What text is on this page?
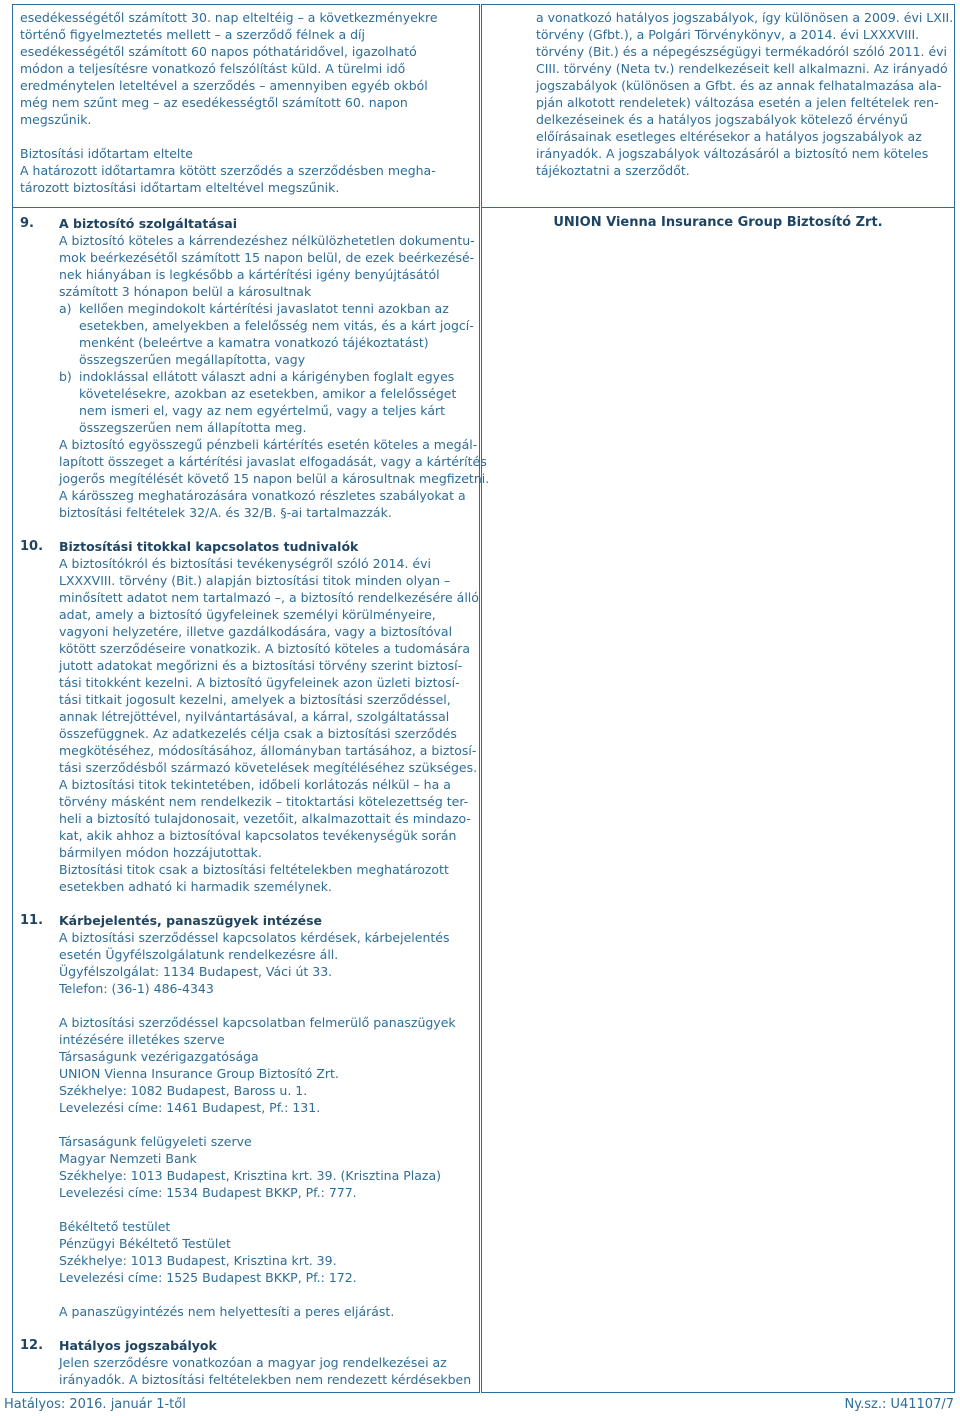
esedékességétől számított 30. nap elteltéig – a következményekre
történő figyelmeztetés mellett – a szerződő félnek a díj
esedékességétől számított 60 napos póthatáridővel, igazolható
módon a teljesítésre vonatkozó felszólítást küld. A türelmi idő
eredménytelen leteltével a szerződés – amennyiben egyéb okból
még nem szűnt meg – az esedékességtől számított 60. napon
megszűnik.
Biztosítási időtartam eltelte
A határozott időtartamra kötött szerződés a szerződésben megha-
tározott biztosítási időtartam elteltével megszűnik.
a vonatkozó hatályos jogszabályok, így különösen a 2009. évi LXII.
törvény (Gfbt.), a Polgári Törvénykönyv, a 2014. évi LXXXVIII.
törvény (Bit.) és a népegészségügyi termékadóról szóló 2011. évi
CIII. törvény (Neta tv.) rendelkezéseit kell alkalmazni. Az irányadó
jogszabályok (különösen a Gfbt. és az annak felhatalmazása ala-
pján alkotott rendeletek) változása esetén a jelen feltételek ren-
delkezéseinek és a hatályos jogszabályok kötelező érvényű
előírásainak esetleges eltérésekor a hatályos jogszabályok az
irányadók. A jogszabályok változásáról a biztosító nem köteles
tájékoztatni a szerződőt.
UNION Vienna Insurance Group Biztosító Zrt.
9. A biztosító szolgáltatásai
A biztosító köteles a kárrendezéshez nélkülözhetetlen dokumentu-
mok beérkezésétől számított 15 napon belül, de ezek beérkezésé-
nek hiányában is legkésőbb a kártérítési igény benyújtásától
számított 3 hónapon belül a károsultnak
a) kellően megindokolt kártérítési javaslatot tenni azokban az
esetekben, amelyekben a felelősség nem vitás, és a kárt jogcí-
menként (beleértve a kamatra vonatkozó tájékoztatást)
összegszerűen megállapította, vagy
b) indoklással ellátott választ adni a kárigényben foglalt egyes
követelésekre, azokban az esetekben, amikor a felelősséget
nem ismeri el, vagy az nem egyértelmű, vagy a teljes kárt
összegszerűen nem állapította meg.
A biztosító egyösszegű pénzbeli kártérítés esetén köteles a megál-
lapított összeget a kártérítési javaslat elfogadását, vagy a kártérítés
jogerős megítélését követő 15 napon belül a károsultnak megfizetni.
A kárösszeg meghatározására vonatkozó részletes szabályokat a
biztosítási feltételek 32/A. és 32/B. §-ai tartalmazzák.
10. Biztosítási titokkal kapcsolatos tudnivalók
A biztosítókról és biztosítási tevékenységről szóló 2014. évi
LXXXVIII. törvény (Bit.) alapján biztosítási titok minden olyan –
minősített adatot nem tartalmazó –, a biztosító rendelkezésére álló
adat, amely a biztosító ügyfeleinek személyi körülményeire,
vagyoni helyzetére, illetve gazdálkodására, vagy a biztosítóval
kötött szerződéseire vonatkozik. A biztosító köteles a tudomására
jutott adatokat megőrizni és a biztosítási törvény szerint biztosí-
tási titokként kezelni. A biztosító ügyfeleinek azon üzleti biztosí-
tási titkait jogosult kezelni, amelyek a biztosítási szerződéssel,
annak létrejöttével, nyilvántartásával, a kárral, szolgáltatással
összefüggnek. Az adatkezelés célja csak a biztosítási szerződés
megkötéséhez, módosításához, állományban tartásához, a biztosí-
tási szerződésből származó követelések megítéléséhez szükséges.
A biztosítási titok tekintetében, időbeli korlátozás nélkül – ha a
törvény másként nem rendelkezik – titoktartási kötelezettség ter-
heli a biztosító tulajdonosait, vezetőit, alkalmazottait és mindazo-
kat, akik ahhoz a biztosítóval kapcsolatos tevékenységük során
bármilyen módon hozzájutottak.
Biztosítási titok csak a biztosítási feltételekben meghatározott
esetekben adható ki harmadik személynek.
11. Kárbejelentés, panaszügyek intézése
A biztosítási szerződéssel kapcsolatos kérdések, kárbejelentés
esetén Ügyfélszolgálatunk rendelkezésre áll.
Ügyfélszolgálat: 1134 Budapest, Váci út 33.
Telefon: (36-1) 486-4343
A biztosítási szerződéssel kapcsolatban felmerülő panaszügyek
intézésére illetékes szerve
Társaságunk vezérigazgatósága
UNION Vienna Insurance Group Biztosító Zrt.
Székhelye: 1082 Budapest, Baross u. 1.
Levelezési címe: 1461 Budapest, Pf.: 131.
Társaságunk felügyeleti szerve
Magyar Nemzeti Bank
Székhelye: 1013 Budapest, Krisztina krt. 39. (Krisztina Plaza)
Levelezési címe: 1534 Budapest BKKP, Pf.: 777.
Békéltető testület
Pénzügyi Békéltető Testület
Székhelye: 1013 Budapest, Krisztina krt. 39.
Levelezési címe: 1525 Budapest BKKP, Pf.: 172.
A panaszügyintézés nem helyettesíti a peres eljárást.
12. Hatályos jogszabályok
Jelen szerződésre vonatkozóan a magyar jog rendelkezései az
irányadók. A biztosítási feltételekben nem rendezett kérdésekben
Hatályos: 2016. január 1-től	Ny.sz.: U41107/7
